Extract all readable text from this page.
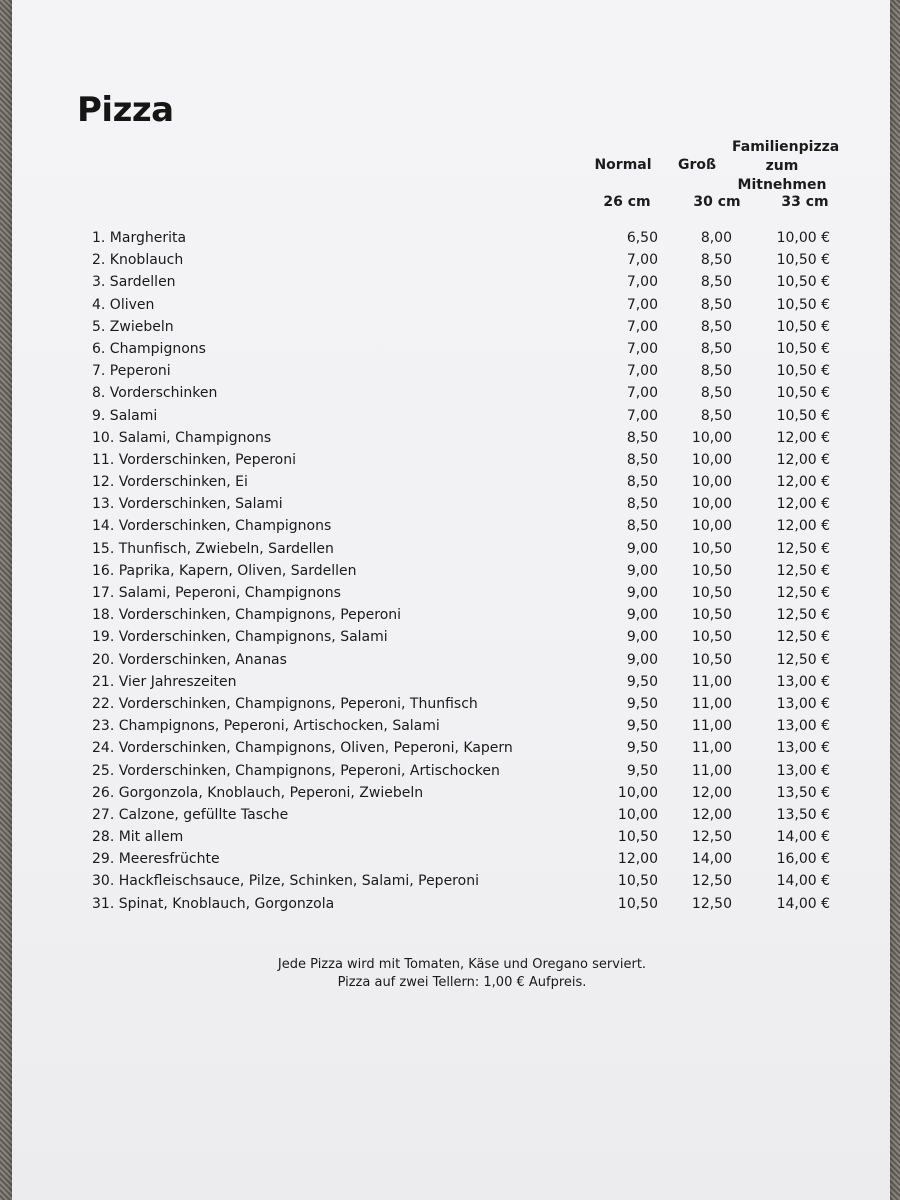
Pizza
Normal	Groß
Familienpizza
zum
Mitnehmen
26 cm	30 cm	33 cm
1. Margherita	6,50	8,00	10,00 €
2. Knoblauch	7,00	8,50	10,50 €
3. Sardellen	7,00	8,50	10,50 €
4. Oliven	7,00	8,50	10,50 €
5. Zwiebeln	7,00	8,50	10,50 €
6. Champignons	7,00	8,50	10,50 €
7. Peperoni	7,00	8,50	10,50 €
8. Vorderschinken	7,00	8,50	10,50 €
9. Salami	7,00	8,50	10,50 €
10. Salami, Champignons	8,50	10,00	12,00 €
11. Vorderschinken, Peperoni	8,50	10,00	12,00 €
12. Vorderschinken, Ei	8,50	10,00	12,00 €
13. Vorderschinken, Salami	8,50	10,00	12,00 €
14. Vorderschinken, Champignons	8,50	10,00	12,00 €
15. Thunfisch, Zwiebeln, Sardellen	9,00	10,50	12,50 €
16. Paprika, Kapern, Oliven, Sardellen	9,00	10,50	12,50 €
17. Salami, Peperoni, Champignons	9,00	10,50	12,50 €
18. Vorderschinken, Champignons, Peperoni	9,00	10,50	12,50 €
19. Vorderschinken, Champignons, Salami	9,00	10,50	12,50 €
20. Vorderschinken, Ananas	9,00	10,50	12,50 €
21. Vier Jahreszeiten	9,50	11,00	13,00 €
22. Vorderschinken, Champignons, Peperoni, Thunfisch	9,50	11,00	13,00 €
23. Champignons, Peperoni, Artischocken, Salami	9,50	11,00	13,00 €
24. Vorderschinken, Champignons, Oliven, Peperoni, Kapern	9,50	11,00	13,00 €
25. Vorderschinken, Champignons, Peperoni, Artischocken	9,50	11,00	13,00 €
26. Gorgonzola, Knoblauch, Peperoni, Zwiebeln	10,00	12,00	13,50 €
27. Calzone, gefüllte Tasche	10,00	12,00	13,50 €
28. Mit allem	10,50	12,50	14,00 €
29. Meeresfrüchte	12,00	14,00	16,00 €
30. Hackfleischsauce, Pilze, Schinken, Salami, Peperoni	10,50	12,50	14,00 €
31. Spinat, Knoblauch, Gorgonzola	10,50	12,50	14,00 €
Jede Pizza wird mit Tomaten, Käse und Oregano serviert.
Pizza auf zwei Tellern: 1,00 € Aufpreis.
